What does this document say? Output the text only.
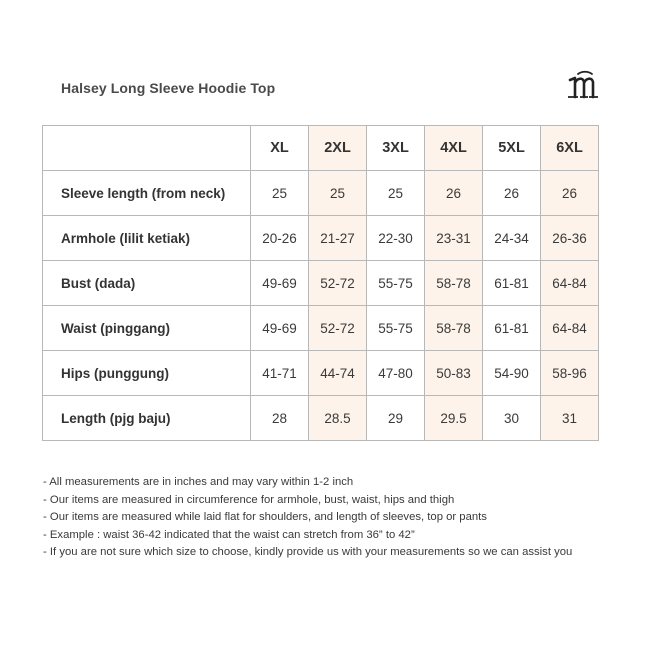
Halsey Long Sleeve Hoodie Top
	XL	2XL	3XL	4XL	5XL	6XL
Sleeve length (from neck)	25	25	25	26	26	26
Armhole (lilit ketiak)	20-26	21-27	22-30	23-31	24-34	26-36
Bust (dada)	49-69	52-72	55-75	58-78	61-81	64-84
Waist (pinggang)	49-69	52-72	55-75	58-78	61-81	64-84
Hips (punggung)	41-71	44-74	47-80	50-83	54-90	58-96
Length (pjg baju)	28	28.5	29	29.5	30	31
- All measurements are in inches and may vary within 1-2 inch
- Our items are measured in circumference for armhole, bust, waist, hips and thigh
- Our items are measured while laid flat for shoulders, and length of sleeves, top or pants
- Example : waist 36-42 indicated that the waist can stretch from 36” to 42”
- If you are not sure which size to choose, kindly provide us with your measurements so we can assist you
